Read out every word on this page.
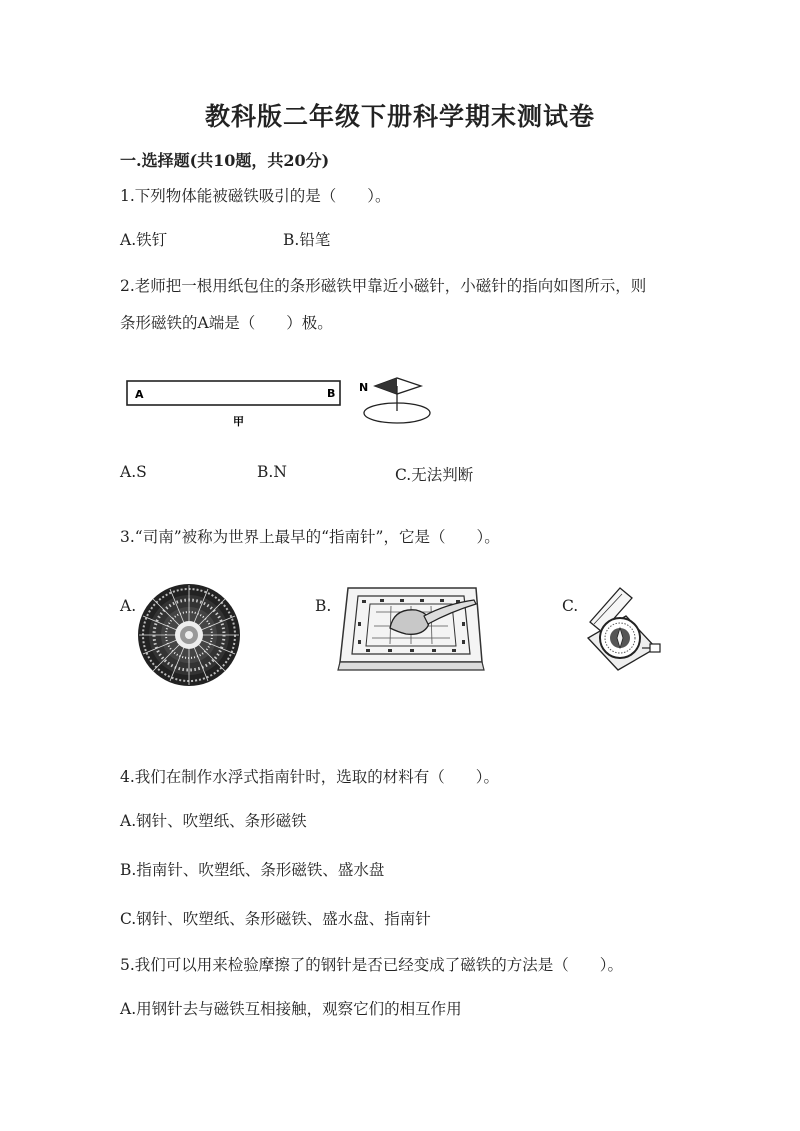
教科版二年级下册科学期末测试卷
一.选择题(共10题，共20分)
1.下列物体能被磁铁吸引的是（　　）。
A.铁钉	B.铅笔
2.老师把一根用纸包住的条形磁铁甲靠近小磁针，小磁针的指向如图所示，则
条形磁铁的A端是（　　）极。
A	B
甲
N
A.S	B.N	C.无法判断
3.“司南”被称为世界上最早的“指南针”，它是（　　）。
A.	B.	C.
4.我们在制作水浮式指南针时，选取的材料有（　　）。
A.钢针、吹塑纸、条形磁铁
B.指南针、吹塑纸、条形磁铁、盛水盘
C.钢针、吹塑纸、条形磁铁、盛水盘、指南针
5.我们可以用来检验摩擦了的钢针是否已经变成了磁铁的方法是（　　）。
A.用钢针去与磁铁互相接触，观察它们的相互作用
